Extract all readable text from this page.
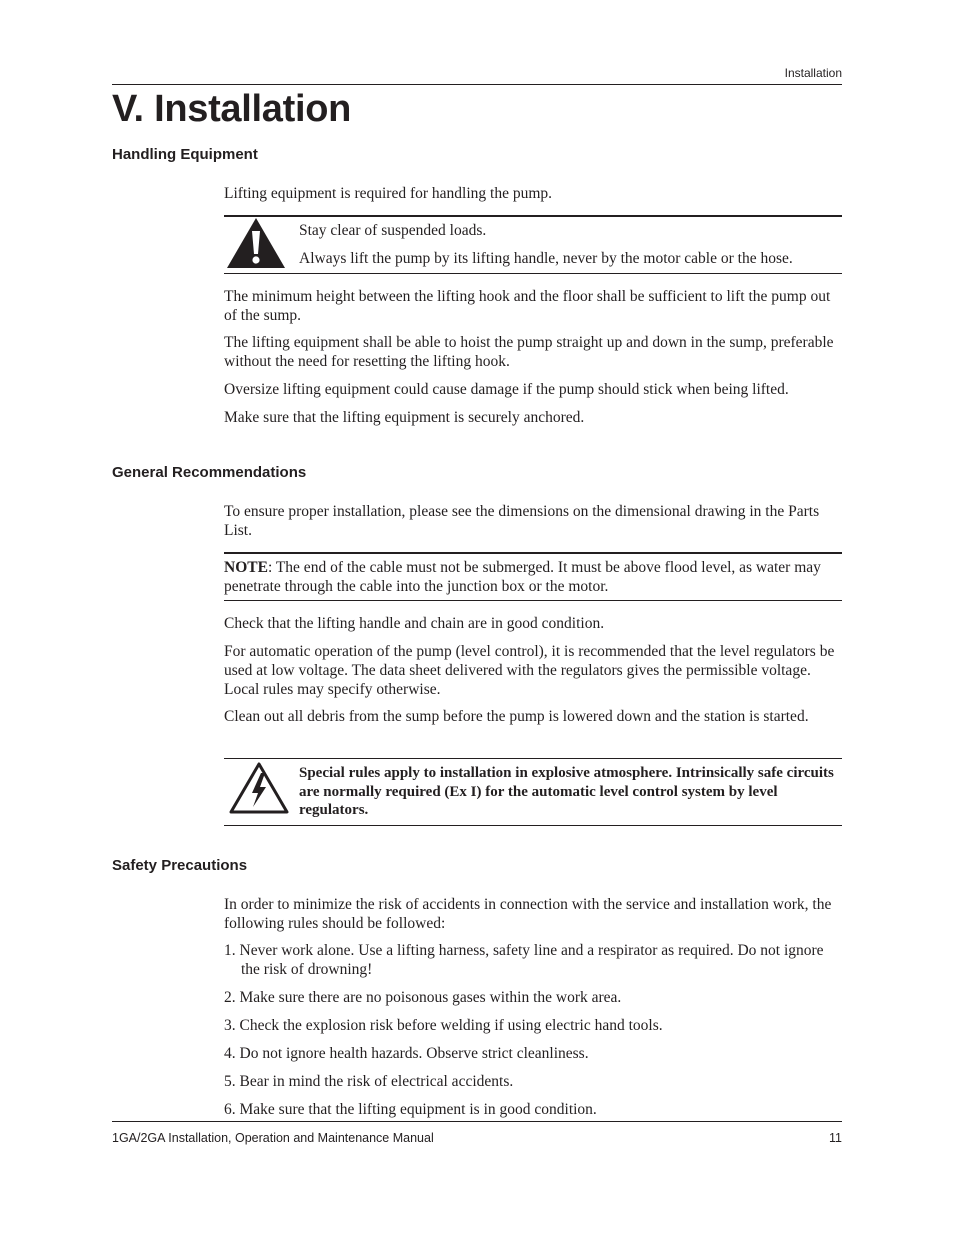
Installation
V. Installation
Handling Equipment

Lifting equipment is required for handling the pump.

Stay clear of suspended loads.

Always lift the pump by its lifting handle, never by the motor cable or the hose.

The minimum height between the lifting hook and the floor shall be sufficient to lift the pump out of the sump.

The lifting equipment shall be able to hoist the pump straight up and down in the sump, preferable without the need for resetting the lifting hook.

Oversize lifting equipment could cause damage if the pump should stick when being lifted.

Make sure that the lifting equipment is securely anchored.

General Recommendations

To ensure proper installation, please see the dimensions on the dimensional drawing in the Parts List.

NOTE: The end of the cable must not be submerged. It must be above flood level, as water may penetrate through the cable into the junction box or the motor.

Check that the lifting handle and chain are in good condition.

For automatic operation of the pump (level control), it is recommended that the level regulators be used at low voltage. The data sheet delivered with the regulators gives the permissible voltage. Local rules may specify otherwise.

Clean out all debris from the sump before the pump is lowered down and the station is started.

Special rules apply to installation in explosive atmosphere. Intrinsically safe circuits are normally required (Ex I) for the automatic level control system by level regulators.

Safety Precautions

In order to minimize the risk of accidents in connection with the service and installation work, the following rules should be followed:

1. Never work alone. Use a lifting harness, safety line and a respirator as required. Do not ignore the risk of drowning!

2. Make sure there are no poisonous gases within the work area.

3. Check the explosion risk before welding if using electric hand tools.

4. Do not ignore health hazards. Observe strict cleanliness.

5. Bear in mind the risk of electrical accidents.

6. Make sure that the lifting equipment is in good condition.

1GA/2GA Installation, Operation and Maintenance Manual	11
